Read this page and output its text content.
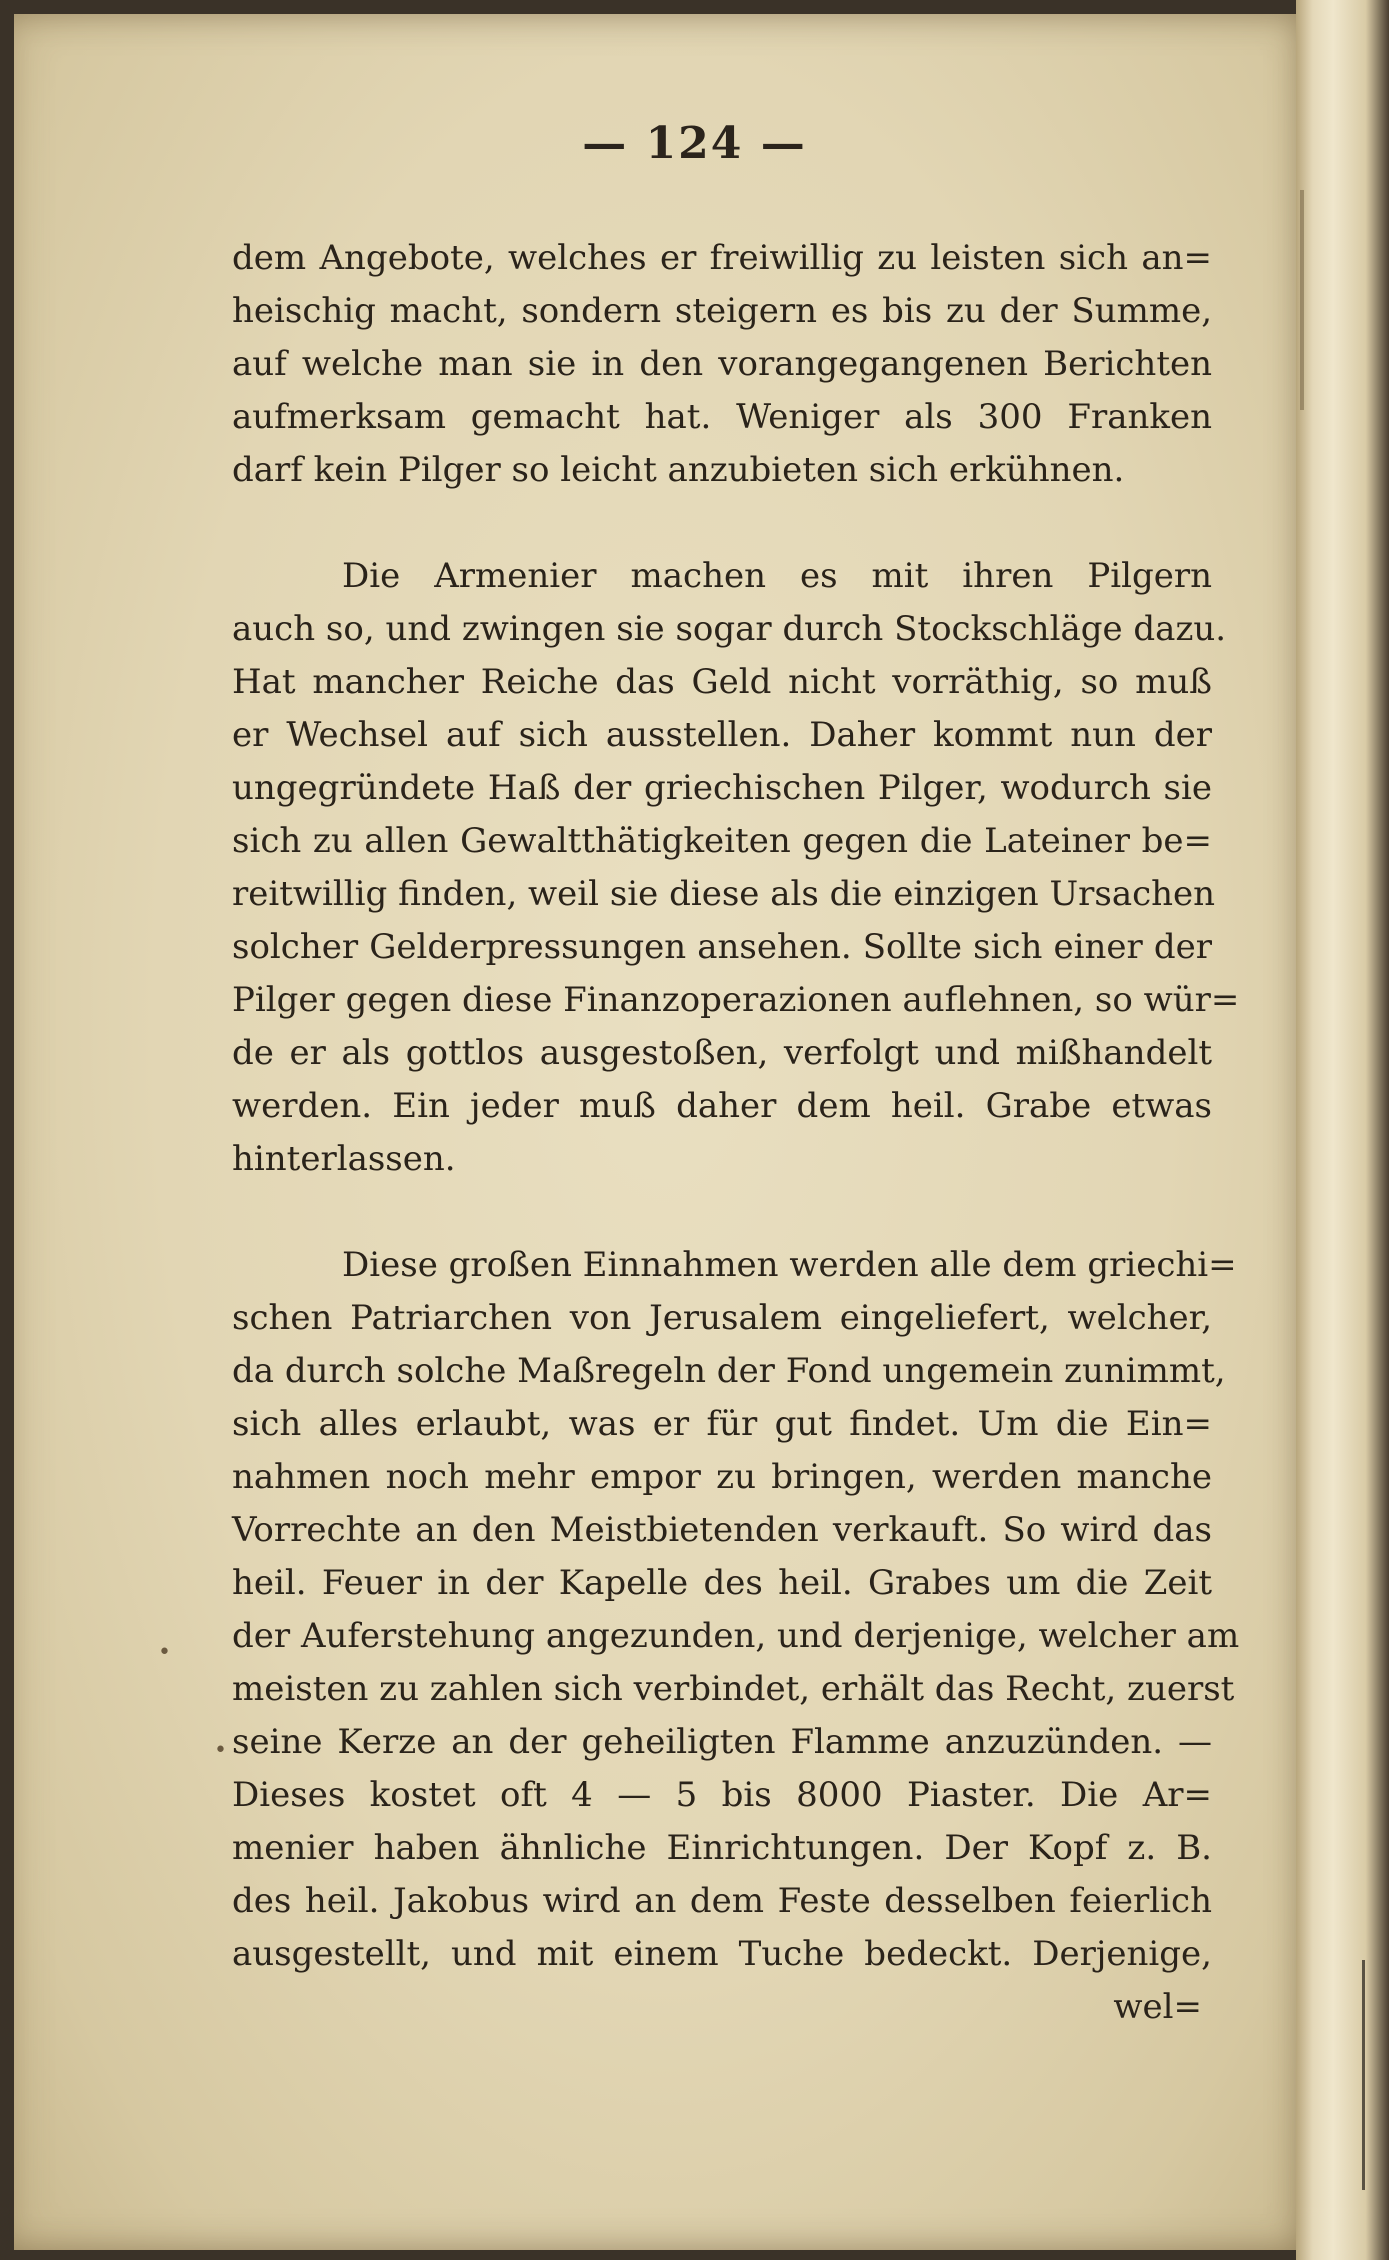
— 124 —
dem Angebote, welches er freiwillig zu leisten sich an=
heischig macht, sondern steigern es bis zu der Summe,
auf welche man sie in den vorangegangenen Berichten
aufmerksam gemacht hat. Weniger als 300 Franken
darf kein Pilger so leicht anzubieten sich erkühnen.
Die Armenier machen es mit ihren Pilgern
auch so, und zwingen sie sogar durch Stockschläge dazu.
Hat mancher Reiche das Geld nicht vorräthig, so muß
er Wechsel auf sich ausstellen. Daher kommt nun der
ungegründete Haß der griechischen Pilger, wodurch sie
sich zu allen Gewaltthätigkeiten gegen die Lateiner be=
reitwillig finden, weil sie diese als die einzigen Ursachen
solcher Gelderpressungen ansehen. Sollte sich einer der
Pilger gegen diese Finanzoperazionen auflehnen, so wür=
de er als gottlos ausgestoßen, verfolgt und mißhandelt
werden. Ein jeder muß daher dem heil. Grabe etwas
hinterlassen.
Diese großen Einnahmen werden alle dem griechi=
schen Patriarchen von Jerusalem eingeliefert, welcher,
da durch solche Maßregeln der Fond ungemein zunimmt,
sich alles erlaubt, was er für gut findet. Um die Ein=
nahmen noch mehr empor zu bringen, werden manche
Vorrechte an den Meistbietenden verkauft. So wird das
heil. Feuer in der Kapelle des heil. Grabes um die Zeit
der Auferstehung angezunden, und derjenige, welcher am
meisten zu zahlen sich verbindet, erhält das Recht, zuerst
seine Kerze an der geheiligten Flamme anzuzünden. —
Dieses kostet oft 4 — 5 bis 8000 Piaster. Die Ar=
menier haben ähnliche Einrichtungen. Der Kopf z. B.
des heil. Jakobus wird an dem Feste desselben feierlich
ausgestellt, und mit einem Tuche bedeckt. Derjenige,
wel=
•
•
